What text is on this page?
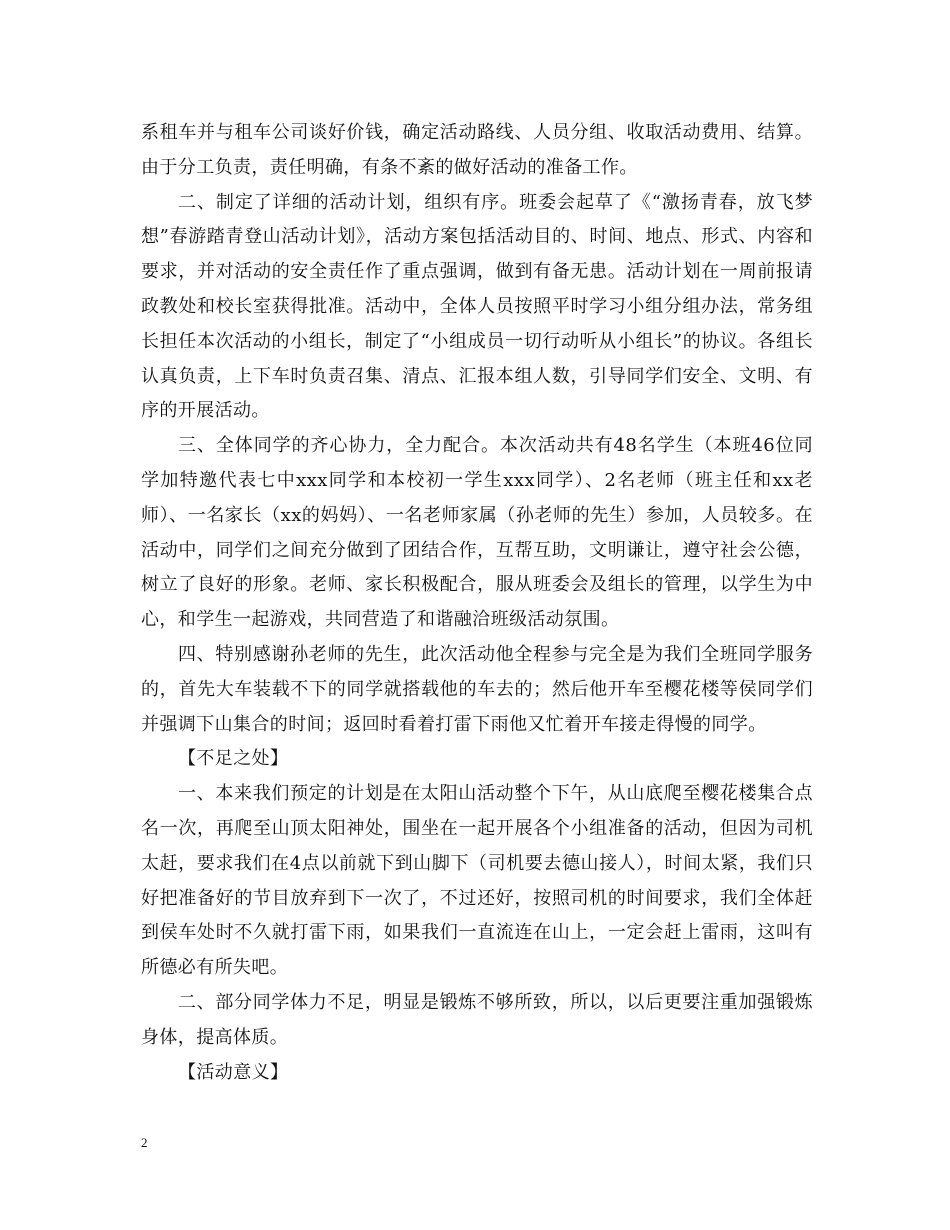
系租车并与租车公司谈好价钱，确定活动路线、人员分组、收取活动费用、结算。由于分工负责，责任明确，有条不紊的做好活动的准备工作。

二、制定了详细的活动计划，组织有序。班委会起草了《“激扬青春，放飞梦想”春游踏青登山活动计划》，活动方案包括活动目的、时间、地点、形式、内容和要求，并对活动的安全责任作了重点强调，做到有备无患。活动计划在一周前报请政教处和校长室获得批准。活动中，全体人员按照平时学习小组分组办法，常务组长担任本次活动的小组长，制定了“小组成员一切行动听从小组长”的协议。各组长认真负责，上下车时负责召集、清点、汇报本组人数，引导同学们安全、文明、有序的开展活动。

三、全体同学的齐心协力，全力配合。本次活动共有48名学生（本班46位同学加特邀代表七中xxx同学和本校初一学生xxx同学）、2名老师（班主任和xx老师）、一名家长（xx的妈妈）、一名老师家属（孙老师的先生）参加，人员较多。在活动中，同学们之间充分做到了团结合作，互帮互助，文明谦让，遵守社会公德，树立了良好的形象。老师、家长积极配合，服从班委会及组长的管理，以学生为中心，和学生一起游戏，共同营造了和谐融洽班级活动氛围。

四、特别感谢孙老师的先生，此次活动他全程参与完全是为我们全班同学服务的，首先大车装载不下的同学就搭载他的车去的；然后他开车至樱花楼等侯同学们并强调下山集合的时间；返回时看着打雷下雨他又忙着开车接走得慢的同学。

【不足之处】

一、本来我们预定的计划是在太阳山活动整个下午，从山底爬至樱花楼集合点名一次，再爬至山顶太阳神处，围坐在一起开展各个小组准备的活动，但因为司机太赶，要求我们在4点以前就下到山脚下（司机要去德山接人），时间太紧，我们只好把准备好的节目放弃到下一次了，不过还好，按照司机的时间要求，我们全体赶到侯车处时不久就打雷下雨，如果我们一直流连在山上，一定会赶上雷雨，这叫有所德必有所失吧。

二、部分同学体力不足，明显是锻炼不够所致，所以，以后更要注重加强锻炼身体，提高体质。

【活动意义】

2
